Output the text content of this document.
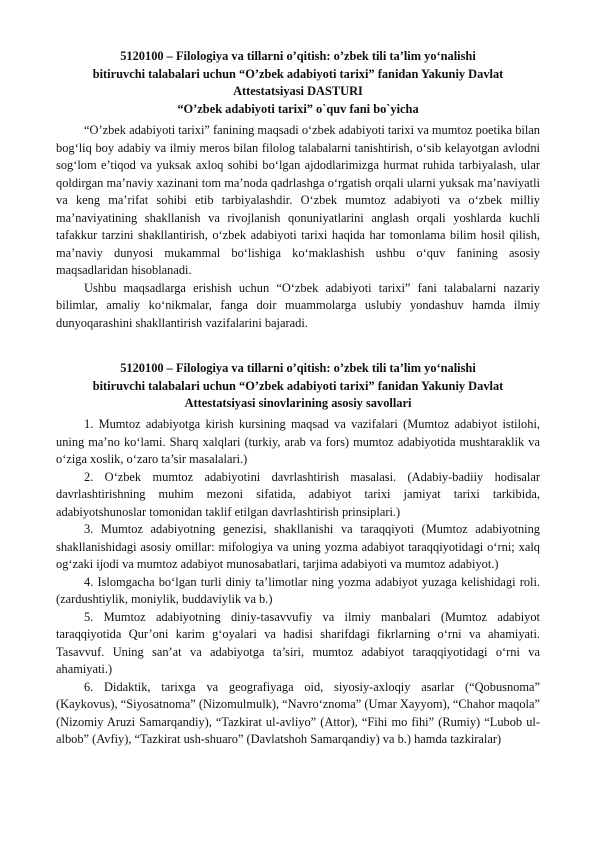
5120100 – Filologiya va tillarni o’qitish: o’zbek tili ta’lim yo‘nalishi

bitiruvchi talabalari uchun “O’zbek adabiyoti tarixi” fanidan Yakuniy Davlat

Attestatsiyasi DASTURI

“O’zbek adabiyoti tarixi” o`quv fani bo`yicha

“O’zbek adabiyoti tarixi” fanining maqsadi o‘zbek adabiyoti tarixi va mumtoz poetika bilan bog‘liq boy adabiy va ilmiy meros bilan filolog talabalarni tanishtirish, o‘sib kelayotgan avlodni sog‘lom e’tiqod va yuksak axloq sohibi bo‘lgan ajdodlarimizga hurmat ruhida tarbiyalash, ular qoldirgan ma’naviy xazinani tom ma’noda qadrlashga o‘rgatish orqali ularni yuksak ma’naviyatli va keng ma’rifat sohibi etib tarbiyalashdir. O‘zbek mumtoz adabiyoti va o‘zbek milliy ma’naviyatining shakllanish va rivojlanish qonuniyatlarini anglash orqali yoshlarda kuchli tafakkur tarzini shakllantirish, o‘zbek adabiyoti tarixi haqida har tomonlama bilim hosil qilish, ma’naviy dunyosi mukammal bo‘lishiga ko‘maklashish ushbu o‘quv fanining asosiy maqsadlaridan hisoblanadi.

Ushbu maqsadlarga erishish uchun “O‘zbek adabiyoti tarixi” fani talabalarni nazariy bilimlar, amaliy ko‘nikmalar, fanga doir muammolarga uslubiy yondashuv hamda ilmiy dunyoqarashini shakllantirish vazifalarini bajaradi.

5120100 – Filologiya va tillarni o’qitish: o’zbek tili ta’lim yo‘nalishi

bitiruvchi talabalari uchun “O’zbek adabiyoti tarixi” fanidan Yakuniy Davlat

Attestatsiyasi sinovlarining asosiy savollari

1. Mumtoz adabiyotga kirish kursining maqsad va vazifalari (Mumtoz adabiyot istilohi, uning ma’no ko‘lami. Sharq xalqlari (turkiy, arab va fors) mumtoz adabiyotida mushtaraklik va o‘ziga xoslik, o‘zaro ta’sir masalalari.)

2. O‘zbek mumtoz adabiyotini davrlashtirish masalasi. (Adabiy-badiiy hodisalar davrlashtirishning muhim mezoni sifatida, adabiyot tarixi jamiyat tarixi tarkibida, adabiyotshunoslar tomonidan taklif etilgan davrlashtirish prinsiplari.)

3. Mumtoz adabiyotning genezisi, shakllanishi va taraqqiyoti (Mumtoz adabiyotning shakllanishidagi asosiy omillar: mifologiya va uning yozma adabiyot taraqqiyotidagi o‘rni; xalq og‘zaki ijodi va mumtoz adabiyot munosabatlari, tarjima adabiyoti va mumtoz adabiyot.)

4. Islomgacha bo‘lgan turli diniy ta’limotlar ning yozma adabiyot yuzaga kelishidagi roli. (zardushtiylik, moniylik, buddaviylik va b.)

5. Mumtoz adabiyotning diniy-tasavvufiy va ilmiy manbalari (Mumtoz adabiyot taraqqiyotida Qur’oni karim g‘oyalari va hadisi sharifdagi fikrlarning o‘rni va ahamiyati. Tasavvuf. Uning san’at va adabiyotga ta’siri, mumtoz adabiyot taraqqiyotidagi o‘rni va ahamiyati.)

6. Didaktik, tarixga va geografiyaga oid, siyosiy-axloqiy asarlar (“Qobusnoma” (Kaykovus), “Siyosatnoma” (Nizomulmulk), “Navro‘znoma” (Umar Xayyom), “Chahor maqola” (Nizomiy Aruzi Samarqandiy), “Tazkirat ul-avliyo” (Attor), “Fihi mo fihi” (Rumiy) “Lubob ul-albob” (Avfiy), “Tazkirat ush-shuaro” (Davlatshoh Samarqandiy) va b.) hamda tazkiralar)
